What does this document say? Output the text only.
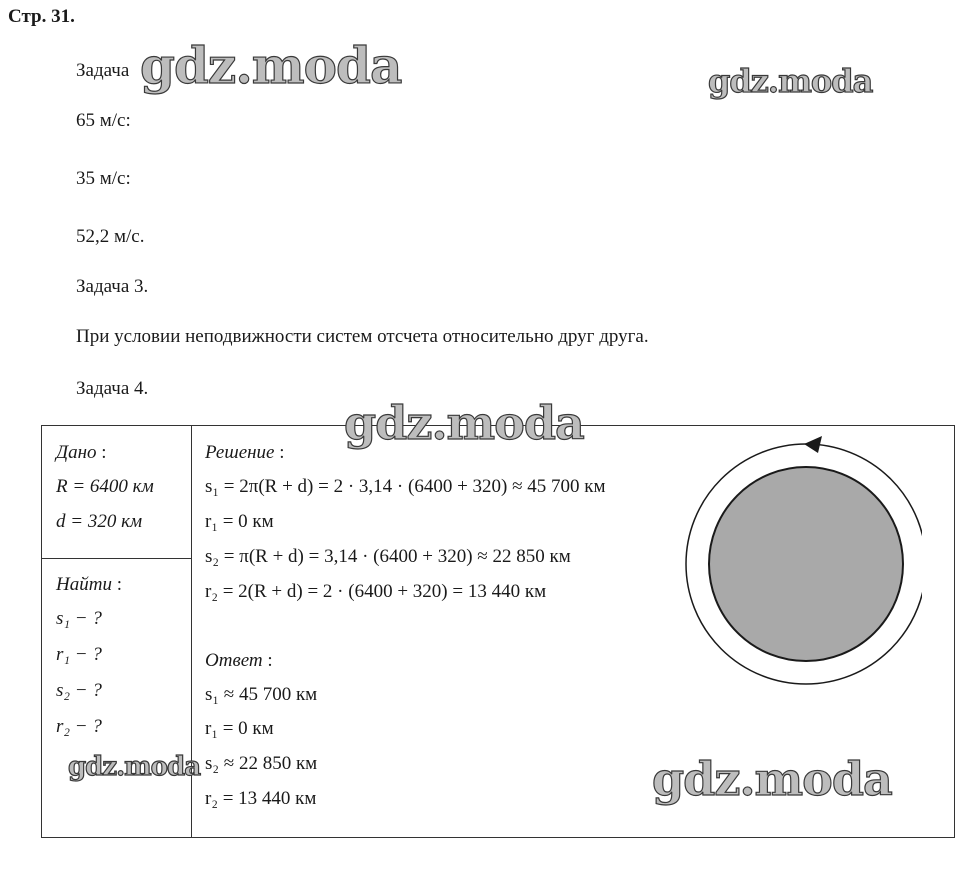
Стр. 31.
Задача
65 м/с:
35 м/с:
52,2 м/с.
Задача 3.
При условии неподвижности систем отсчета относительно друг друга.
Задача 4.
Дано :
R = 6400 км
d = 320 км
Найти :
s₁ − ?
r₁ − ?
s₂ − ?
r₂ − ?
Решение :
s₁ = 2π(R + d) = 2 · 3,14 · (6400 + 320) ≈ 45 700 км
r₁ = 0 км
s₂ = π(R + d) = 3,14 · (6400 + 320) ≈ 22 850 км
r₂ = 2(R + d) = 2 · (6400 + 320) = 13 440 км
Ответ :
s₁ ≈ 45 700 км
r₁ = 0 км
s₂ ≈ 22 850 км
r₂ = 13 440 км
gdz.moda	gdz.moda
gdz.moda
gdz.moda	gdz.moda
